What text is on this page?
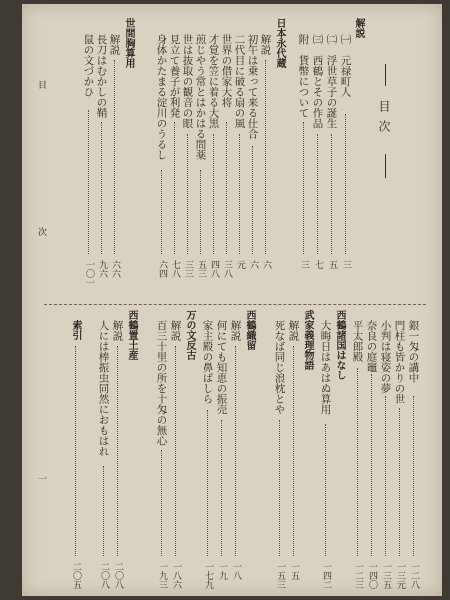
目次
解説
㈠　元禄町人
三
㈡　浮世草子の誕生
五
㈢　西鶴とその作品
七
附　貨幣について
三
日本永代蔵
解説
六
初午は乗って来る仕合
六
二代目に破る扇の風
元
世界の借家大将
三八
才覚を笠に着る大黒
四八
煎じやう常とはかはる問薬
五三
世は抜取の観音の眼
三三
見立て養子が利発
七八
身体かたまる淀川のうるし
六四
世間胸算用
解説
六六
長刀はむかしの鞘
九六
鼠の文づかひ
一〇一
目　　次
銀一匁の講中
一二八
門柱も皆かりの世
一三元
小判は寝姿の夢
一三五
奈良の庭竈
一四〇
平太郎殿
一二三
西鶴諸国はなし
大晦日はあはぬ算用
一四二
武家義理物語
解説
一五
死なば同じ浪枕とや
一五三
西鶴織留
解説
一八
何にても知恵の振売
一九
家主殿の鼻ばしら
一七九
万の文反古
解説
一八六
百三十里の所を十匁の無心
一九三
西鶴置土産
解説
二〇八
人には棒振虫同然におもはれ
二〇八
索引
二〇五
一
